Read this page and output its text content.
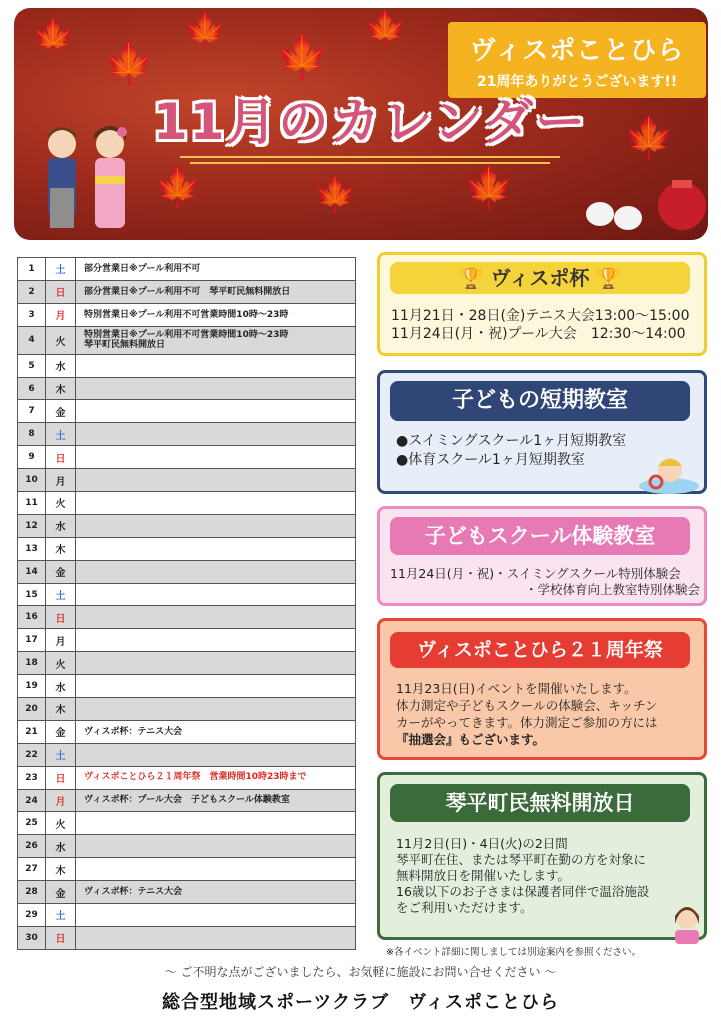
🍁
🍁
🍁
🍁
🍁
🍁	🍁	🍁
🍁
ヴィスポことひら
21周年ありがとうございます!!
11月のカレンダー
1	土	部分営業日※プール利用不可
2	日	部分営業日※プール利用不可　琴平町民無料開放日
3	月	特別営業日※プール利用不可営業時間10時～23時
4	火	特別営業日※プール利用不可営業時間10時～23時
琴平町民無料開放日
5	水	
6	木	
7	金	
8	土	
9	日	
10	月	
11	火	
12	水	
13	木	
14	金	
15	土	
16	日	
17	月	
18	火	
19	水	
20	木	
21	金	ヴィスポ杯：テニス大会
22	土	
23	日	ヴィスポことひら２１周年祭　営業時間10時23時まで
24	月	ヴィスポ杯：プール大会　子どもスクール体験教室
25	火	
26	水	
27	木	
28	金	ヴィスポ杯：テニス大会
29	土	
30	日	
🏆 ヴィスポ杯 🏆
11月21日・28日(金)テニス大会13:00～15:00
11月24日(月・祝)プール大会　12:30～14:00
子どもの短期教室
●スイミングスクール1ヶ月短期教室
●体育スクール1ヶ月短期教室
子どもスクール体験教室
11月24日(月・祝)・スイミングスクール特別体験会
・学校体育向上教室特別体験会
ヴィスポことひら２１周年祭
11月23日(日)イベントを開催いたします。
体力測定や子どもスクールの体験会、キッチン
カーがやってきます。体力測定ご参加の方には
『抽選会』もございます。
琴平町民無料開放日
11月2日(日)・4日(火)の2日間
琴平町在住、または琴平町在勤の方を対象に
無料開放日を開催いたします。
16歳以下のお子さまは保護者同伴で温浴施設
をご利用いただけます。
※各イベント詳細に関しましては別途案内を参照ください。
～ ご不明な点がございましたら、お気軽に施設にお問い合せください ～
総合型地域スポーツクラブ　ヴィスポことひら
